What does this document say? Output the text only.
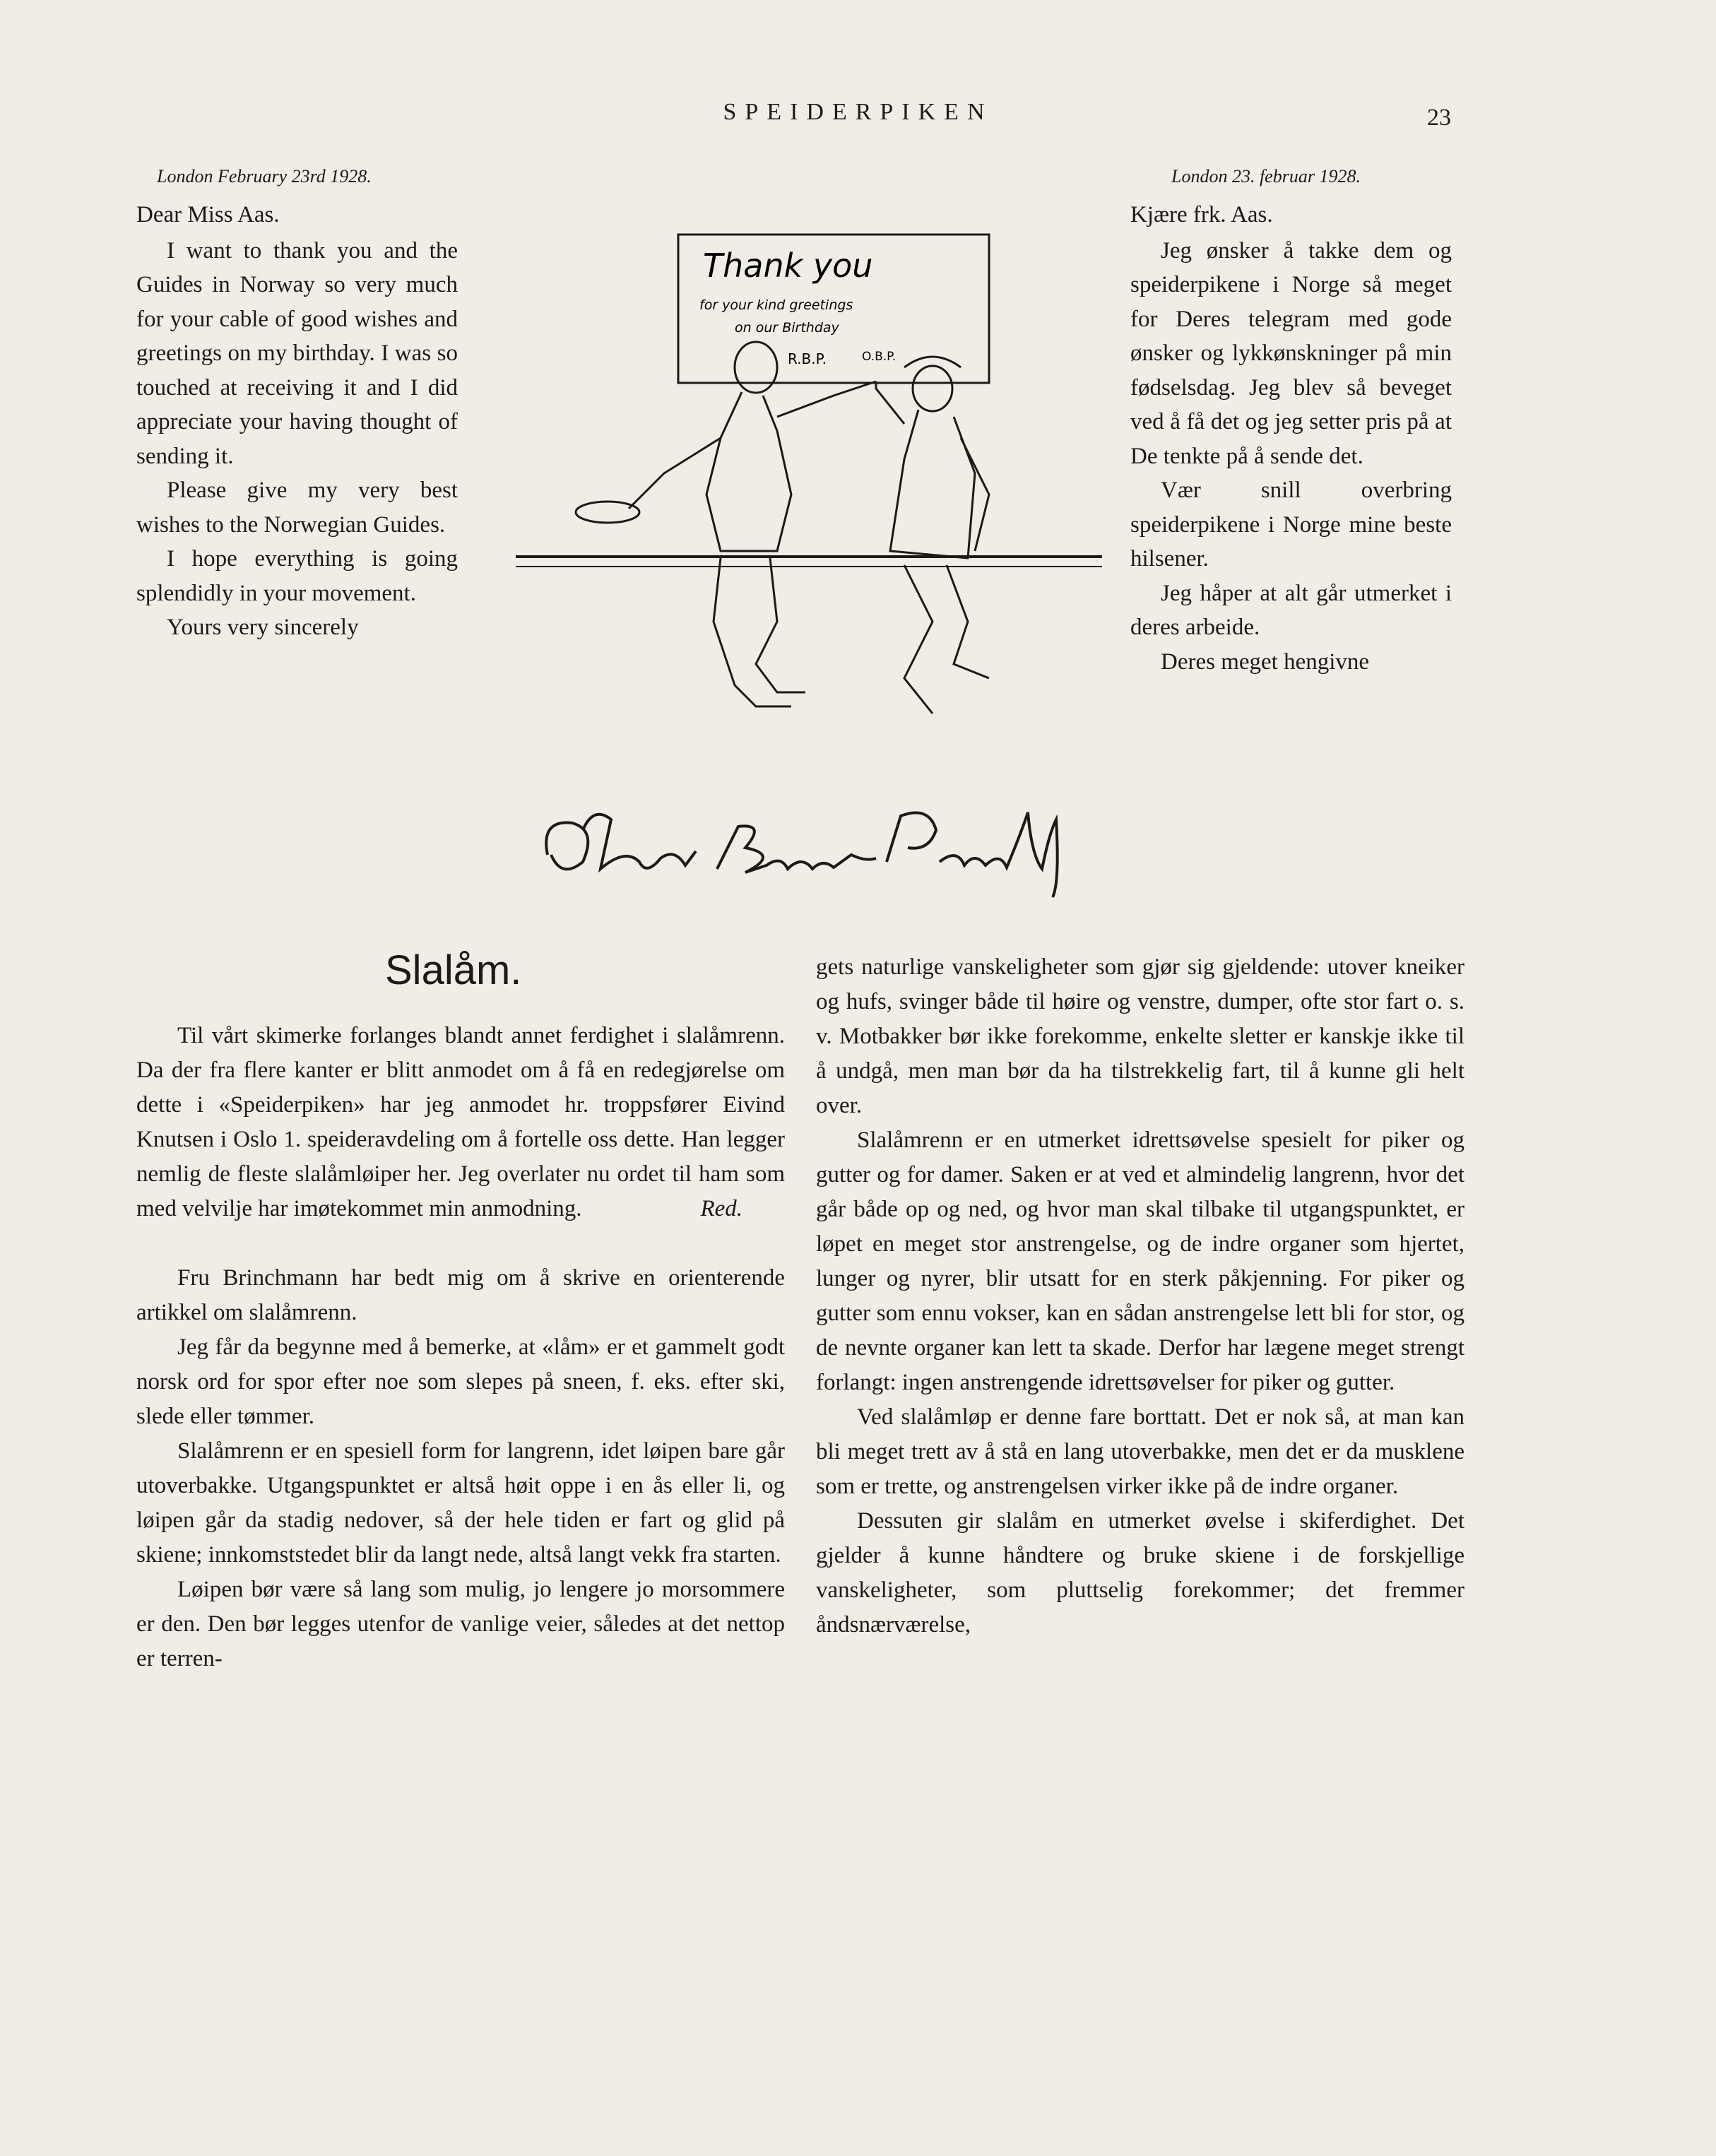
SPEIDERPIKEN	23
London February 23rd 1928.

Dear Miss Aas.

I want to thank you and the Guides in Norway so very much for your cable of good wishes and greetings on my birthday. I was so touched at receiving it and I did appreciate your having thought of sending it.

Please give my very best wishes to the Norwegian Guides.

I hope everything is going splendidly in your movement.

Yours very sincerely

Thank you
for your kind greetings
on our Birthday
R.B.P.	O.B.P.
London 23. februar 1928.

Kjære frk. Aas.

Jeg ønsker å takke dem og speiderpikene i Norge så meget for Deres telegram med gode ønsker og lykkønskninger på min fødselsdag. Jeg blev så beveget ved å få det og jeg setter pris på at De tenkte på å sende det.

Vær snill overbring speiderpikene i Norge mine beste hilsener.

Jeg håper at alt går utmerket i deres arbeide.

Deres meget hengivne

Slalåm.

Til vårt skimerke forlanges blandt annet ferdighet i slalåmrenn. Da der fra flere kanter er blitt anmodet om å få en redegjørelse om dette i «Speiderpiken» har jeg anmodet hr. troppsfører Eivind Knutsen i Oslo 1. speideravdeling om å fortelle oss dette. Han legger nemlig de fleste slalåmløiper her. Jeg overlater nu ordet til ham som med velvilje har imøtekommet min anmodning.	Red.

Fru Brinchmann har bedt mig om å skrive en orienterende artikkel om slalåmrenn.

Jeg får da begynne med å bemerke, at «låm» er et gammelt godt norsk ord for spor efter noe som slepes på sneen, f. eks. efter ski, slede eller tømmer.

Slalåmrenn er en spesiell form for langrenn, idet løipen bare går utoverbakke. Utgangspunktet er altså høit oppe i en ås eller li, og løipen går da stadig nedover, så der hele tiden er fart og glid på skiene; innkomststedet blir da langt nede, altså langt vekk fra starten.

Løipen bør være så lang som mulig, jo lengere jo morsommere er den. Den bør legges utenfor de vanlige veier, således at det nettop er terren-

gets naturlige vanskeligheter som gjør sig gjeldende: utover kneiker og hufs, svinger både til høire og venstre, dumper, ofte stor fart o. s. v. Motbakker bør ikke forekomme, enkelte sletter er kanskje ikke til å undgå, men man bør da ha tilstrekkelig fart, til å kunne gli helt over.

Slalåmrenn er en utmerket idrettsøvelse spesielt for piker og gutter og for damer. Saken er at ved et almindelig langrenn, hvor det går både op og ned, og hvor man skal tilbake til utgangspunktet, er løpet en meget stor anstrengelse, og de indre organer som hjertet, lunger og nyrer, blir utsatt for en sterk påkjenning. For piker og gutter som ennu vokser, kan en sådan anstrengelse lett bli for stor, og de nevnte organer kan lett ta skade. Derfor har lægene meget strengt forlangt: ingen anstrengende idrettsøvelser for piker og gutter.

Ved slalåmløp er denne fare borttatt. Det er nok så, at man kan bli meget trett av å stå en lang utoverbakke, men det er da musklene som er trette, og anstrengelsen virker ikke på de indre organer.

Dessuten gir slalåm en utmerket øvelse i skiferdighet. Det gjelder å kunne håndtere og bruke skiene i de forskjellige vanskeligheter, som pluttselig forekommer; det fremmer åndsnærværelse,
